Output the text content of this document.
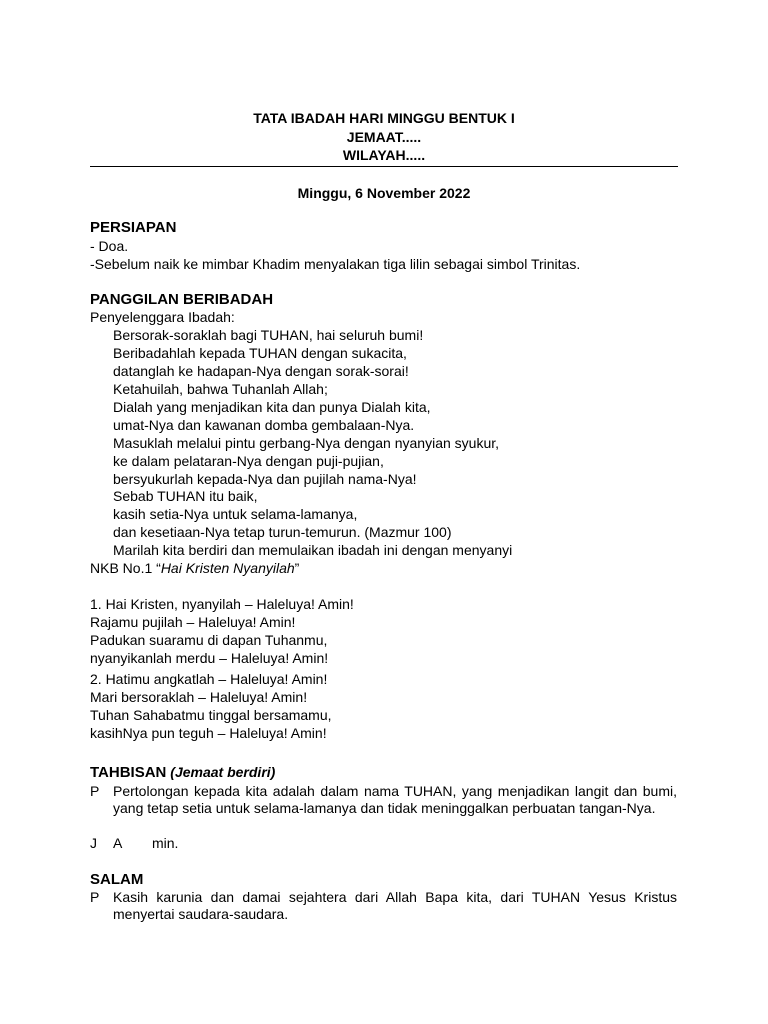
TATA IBADAH HARI MINGGU BENTUK I
JEMAAT.....
WILAYAH.....
Minggu, 6 November 2022
PERSIAPAN
- Doa.
-Sebelum naik ke mimbar Khadim menyalakan tiga lilin sebagai simbol Trinitas.
PANGGILAN BERIBADAH
Penyelenggara Ibadah:
Bersorak-soraklah bagi TUHAN, hai seluruh bumi!
Beribadahlah kepada TUHAN dengan sukacita,
datanglah ke hadapan-Nya dengan sorak-sorai!
Ketahuilah, bahwa Tuhanlah Allah;
Dialah yang menjadikan kita dan punya Dialah kita,
umat-Nya dan kawanan domba gembalaan-Nya.
Masuklah melalui pintu gerbang-Nya dengan nyanyian syukur,
ke dalam pelataran-Nya dengan puji-pujian,
bersyukurlah kepada-Nya dan pujilah nama-Nya!
Sebab TUHAN itu baik,
kasih setia-Nya untuk selama-lamanya,
dan kesetiaan-Nya tetap turun-temurun. (Mazmur 100)
Marilah kita berdiri dan memulaikan ibadah ini dengan menyanyi
NKB No.1 “Hai Kristen Nyanyilah”
1. Hai Kristen, nyanyilah – Haleluya! Amin!
Rajamu pujilah – Haleluya! Amin!
Padukan suaramu di dapan Tuhanmu,
nyanyikanlah merdu – Haleluya! Amin!
2. Hatimu angkatlah – Haleluya! Amin!
Mari bersoraklah – Haleluya! Amin!
Tuhan Sahabatmu tinggal bersamamu,
kasihNya pun teguh – Haleluya! Amin!
TAHBISAN (Jemaat berdiri)
P Pertolongan kepada kita adalah dalam nama TUHAN, yang menjadikan langit dan bumi, yang tetap setia untuk selama-lamanya dan tidak meninggalkan perbuatan tangan-Nya.
J A min.
SALAM
P Kasih karunia dan damai sejahtera dari Allah Bapa kita, dari TUHAN Yesus Kristus menyertai saudara-saudara.
